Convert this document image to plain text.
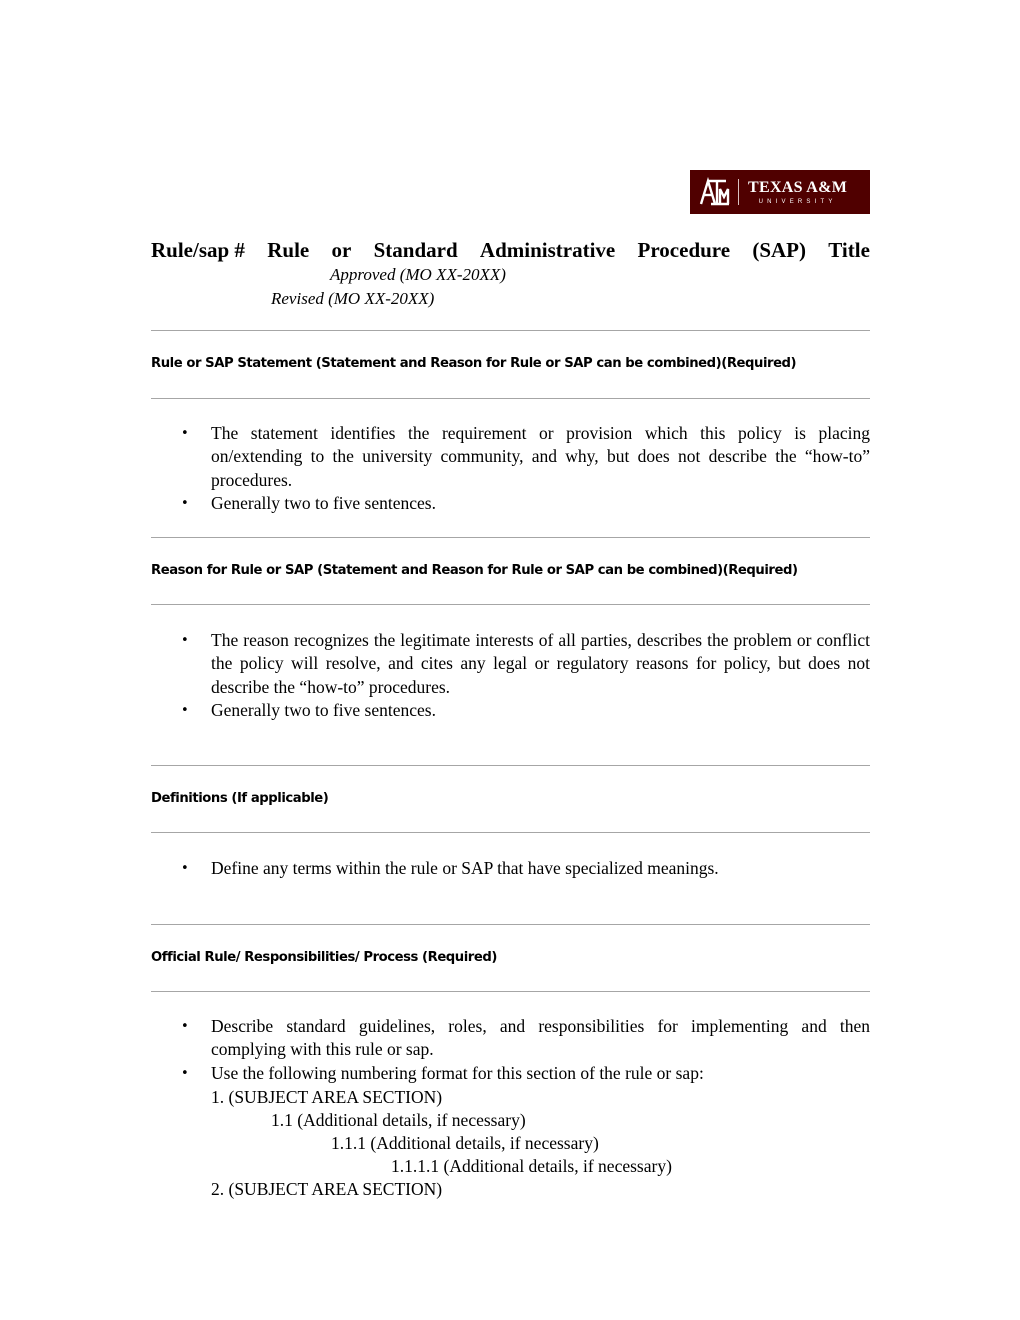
TEXAS A&M
UNIVERSITY
Rule/sap # Rule or Standard Administrative Procedure (SAP) Title
Approved (MO XX-20XX)
Revised (MO XX-20XX)
Rule or SAP Statement (Statement and Reason for Rule or SAP can be combined)(Required)
• The statement identifies the requirement or provision which this policy is placing on/extending to the university community, and why, but does not describe the “how-to” procedures.
• Generally two to five sentences.
Reason for Rule or SAP (Statement and Reason for Rule or SAP can be combined)(Required)
• The reason recognizes the legitimate interests of all parties, describes the problem or conflict the policy will resolve, and cites any legal or regulatory reasons for policy, but does not describe the “how-to” procedures.
• Generally two to five sentences.
Definitions (If applicable)
• Define any terms within the rule or SAP that have specialized meanings.
Official Rule/ Responsibilities/ Process (Required)
• Describe standard guidelines, roles, and responsibilities for implementing and then complying with this rule or sap.
• Use the following numbering format for this section of the rule or sap:
1. (SUBJECT AREA SECTION)
1.1 (Additional details, if necessary)
1.1.1 (Additional details, if necessary)
1.1.1.1 (Additional details, if necessary)
2. (SUBJECT AREA SECTION)
